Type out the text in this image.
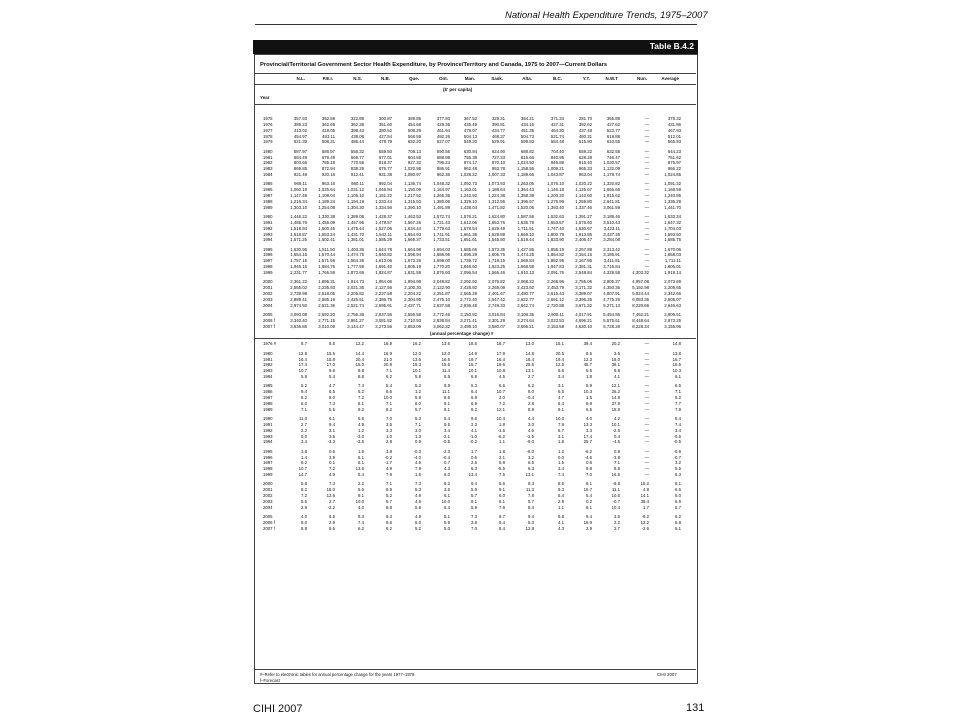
National Health Expenditure Trends, 1975–2007
Table B.4.2
Provincial/Territorial Government Sector Health Expenditure, by Province/Territory and Canada, 1975 to 2007—Current Dollars
N.L.	P.E.I.	N.S.	N.B.	Que.	Ont.	Man.	Sask.	Alta.	B.C.	Y.T.	N.W.T	Nun.	Average
($' per capita)
Year
1975	357.93	352.59	322.89	300.87	389.85	377.93	367.52	329.31	384.21	371.34	281.70	355.89	—	376.32
1976	389.23	362.69	362.38	351.60	454.68	429.35	435.49	390.81	434.15	427.31	392.62	427.62	—	431.86
1977	413.02	418.05	398.43	380.52	508.29	461.94	479.07	434.77	451.35	464.30	437.48	523.77	—	467.93
1978	454.97	463.11	438.08	427.54	568.59	492.26	504.13	468.37	504.73	521.74	480.31	619.88	—	512.01
1979	521.39	508.31	486.44	478.79	632.20	527.07	549.20	529.91	599.83	584.48	515.80	610.55	—	565.93
1980	587.97	586.97	556.32	559.50	708.13	590.56	630.94	624.90	688.82	704.40	559.22	632.58	—	644.23
1981	684.49	679.49	669.77	677.01	804.58	688.98	755.38	727.33	815.66	840.95	628.28	746.47	—	751.62
1982	803.66	785.18	770.56	818.37	927.32	796.24	874.17	870.10	1,024.50	946.88	915.40	1,030.57	—	875.97
1983	869.85	872.94	838.29	876.77	1,020.98	886.91	962.48	953.78	1,158.55	1,009.21	965.33	1,132.09	—	966.22
1984	921.49	920.16	912.41	931.38	1,080.97	962.36	1,028.22	1,007.33	1,189.66	1,043.87	963.04	1,178.74	—	1,024.85
1985	969.11	963.16	980.11	992.04	1,136.74	1,048.32	1,092.73	1,073.93	1,263.05	1,076.10	1,020.22	1,320.82	—	1,091.32
1986	1,060.19	1,025.64	1,031.12	1,046.94	1,150.09	1,164.97	1,163.01	1,188.64	1,364.43	1,146.18	1,125.67	1,666.65	—	1,168.59
1987	1,147.48	1,108.04	1,105.10	1,151.22	1,217.52	1,265.35	1,242.92	1,224.38	1,358.38	1,200.20	1,142.60	1,915.62	—	1,240.86
1988	1,216.34	1,189.24	1,194.19	1,233.44	1,315.53	1,380.06	1,329.10	1,312.55	1,396.57	1,276.99	1,259.80	2,641.81	—	1,336.29
1989	1,303.10	1,254.08	1,304.30	1,334.56	1,390.10	1,491.89	1,438.04	1,471.82	1,520.06	1,393.40	1,337.46	3,061.59	—	1,441.70
1990	1,446.22	1,330.38	1,389.08	1,428.37	1,463.53	1,572.74	1,576.21	1,624.80	1,587.56	1,532.63	1,391.27	3,189.46	—	1,533.34
1991	1,485.76	1,455.09	1,457.95	1,478.57	1,567.26	1,721.43	1,612.06	1,653.76	1,635.78	1,653.57	1,576.60	3,510.43	—	1,647.32
1992	1,518.94	1,500.45	1,475.44	1,527.06	1,634.44	1,779.63	1,678.54	1,629.49	1,711.51	1,747.40	1,630.67	3,423.11	—	1,704.03
1993	1,518.87	1,553.24	1,431.70	1,542.11	1,654.93	1,741.91	1,661.38	1,528.88	1,669.10	1,800.79	1,913.85	3,437.35	—	1,693.50
1994	1,571.25	1,502.41	1,381.01	1,585.29	1,669.37	1,733.51	1,651.61	1,545.80	1,519.44	1,833.90	2,406.47	3,284.08	—	1,685.76
1995	1,630.96	1,511.50	1,403.36	1,644.78	1,664.98	1,694.03	1,685.66	1,573.35	1,427.86	1,855.19	2,257.88	3,313.42	—	1,670.06
1996	1,654.16	1,570.44	1,474.75	1,640.82	1,598.94	1,686.95	1,695.29	1,605.75	1,474.25	1,854.82	2,154.16	3,185.91	—	1,658.03
1997	1,757.15	1,571.56	1,564.36	1,613.06	1,673.26	1,698.00	1,739.72	1,718.15	1,569.84	1,882.96	2,167.86	3,411.81	—	1,711.11
1998	1,945.16	1,684.76	1,777.59	1,691.40	1,805.19	1,770.20	1,848.60	1,623.25	1,668.58	1,947.83	2,381.31	3,716.84	—	1,805.01
1999	2,231.77	1,766.59	1,873.69	1,824.87	1,831.58	1,876.60	2,096.54	1,566.46	1,910.13	2,091.76	2,548.84	4,329.58	4,303.32	1,919.14
2000	2,361.22	1,895.31	1,914.73	1,954.06	1,994.98	2,048.82	2,292.92	2,076.82	2,068.22	2,268.96	2,755.06	3,905.37	4,957.08	2,073.69
2001	2,555.02	2,235.93	2,021.35	2,127.56	2,100.30	2,122.90	2,428.92	2,269.09	2,423.92	2,453.79	3,171.32	4,350.36	5,192.98	2,209.65
2002	2,739.98	2,518.05	2,205.82	2,237.58	2,204.22	2,251.87	2,565.29	2,401.67	2,480.77	2,615.43	3,389.07	4,807.91	5,924.44	2,342.66
2003	2,889.41	2,585.19	2,425.51	2,386.75	2,304.95	2,476.10	2,772.40	2,547.42	2,622.77	2,691.12	3,396.25	4,775.26	6,083.36	2,505.07
2004	2,974.50	2,521.36	2,521.74	2,595.91	2,437.71	2,637.58	2,936.48	2,749.33	2,842.74	2,720.88	3,671.32	5,271.13	8,220.66	2,646.63
2005	3,093.08	2,692.20	2,756.38	2,837.56	2,556.58	2,772.46	3,150.92	3,016.84	3,108.35	2,905.11	4,017.91	5,454.86	7,462.21	2,809.51
2006 f	3,340.40	2,771.15	2,961.27	3,081.82	2,710.93	2,938.84	3,271.41	3,301.29	3,274.64	3,023.53	4,696.21	5,575.61	8,448.64	2,973.25
2007 f	3,636.86	3,010.09	3,144.47	3,273.56	2,853.09	3,062.32	3,499.10	3,580.07	3,695.21	3,153.58	4,630.10	5,728.28	8,228.34	3,155.96
(annual percentage change) #
1976 #	8.7	8.5	12.2	16.9	16.2	13.6	18.5	18.7	13.0	15.1	39.4	20.2	—	14.8
1980	12.8	15.5	14.4	16.9	12.0	12.0	14.9	17.9	14.8	20.5	8.5	3.6	—	13.8
1981	16.4	15.8	20.4	21.0	13.6	16.6	19.7	16.4	18.4	19.4	12.3	18.0	—	16.7
1982	17.4	17.0	15.0	20.9	15.3	15.6	15.7	19.6	25.6	12.6	45.7	38.1	—	16.5
1983	10.7	9.8	8.8	7.1	10.1	11.4	10.1	10.8	13.1	6.6	5.5	9.8	—	10.3
1984	5.9	5.4	8.8	6.2	5.8	8.5	6.8	4.5	2.7	3.4	1.8	4.1	—	6.1
1985	5.2	4.7	7.4	5.4	5.2	8.9	6.3	6.6	6.2	3.1	5.9	12.1	—	6.5
1986	9.4	6.5	5.2	6.6	1.2	11.1	6.4	10.7	8.0	6.5	10.3	26.2	—	7.1
1987	8.2	8.0	7.2	10.0	5.9	8.6	6.9	3.0	-0.4	4.7	1.5	14.9	—	6.2
1988	6.0	7.3	8.1	7.1	8.0	9.1	6.9	7.2	2.8	6.4	9.9	37.9	—	7.7
1989	7.1	5.5	9.2	8.2	5.7	8.1	8.2	12.1	8.8	9.1	6.5	15.9	—	7.9
1990	11.0	6.1	6.5	7.0	5.3	5.4	9.6	10.4	4.4	10.0	4.0	4.2	—	6.4
1991	2.7	9.4	4.9	3.5	7.1	9.5	2.3	1.8	3.0	7.9	13.3	10.1	—	7.4
1992	2.2	3.1	1.2	3.3	3.0	3.4	4.1	-1.5	4.6	5.7	3.3	-2.5	—	3.4
1993	0.0	3.5	-3.0	1.0	1.3	-2.1	-1.0	-6.2	-2.5	3.1	17.4	0.4	—	-0.6
1994	3.4	-3.3	-3.5	2.8	0.9	-0.5	-0.2	1.1	-9.0	1.8	25.7	-4.5	—	-0.5
1995	3.8	0.6	1.6	3.8	-0.3	-2.3	1.7	1.8	-6.0	1.2	-6.2	0.9	—	-0.9
1996	1.4	3.9	5.1	-0.2	-4.0	-0.4	0.6	2.1	3.2	0.0	-4.6	-3.8	—	-0.7
1997	6.2	0.1	6.1	-1.7	4.6	0.7	2.6	6.9	6.5	1.5	0.6	7.1	—	3.2
1998	10.7	7.2	13.6	4.9	7.9	4.3	6.3	-5.5	6.3	3.4	9.8	8.9	—	5.5
1999	14.7	4.9	5.4	7.9	1.5	6.0	13.4	7.5	13.1	7.4	7.0	16.5	—	6.3
2000	5.8	7.3	2.2	7.1	7.3	9.2	9.4	5.6	8.3	8.5	8.1	-9.8	15.2	8.1
2001	8.2	18.0	5.6	8.9	5.3	3.6	5.9	9.1	11.3	9.3	16.7	11.1	4.8	6.6
2002	7.2	12.6	9.1	5.2	4.9	6.1	5.7	6.0	7.8	5.4	5.4	10.6	14.1	6.0
2003	5.5	2.7	10.0	6.7	4.6	10.0	8.1	6.1	5.7	2.9	0.2	-0.7	35.4	6.9
2004	2.9	-2.2	4.0	8.8	5.8	6.4	5.9	7.9	8.4	1.1	8.1	10.4	1.7	5.7
2005	4.0	6.5	9.3	9.3	4.9	5.1	7.3	9.7	9.4	6.8	9.4	3.5	-9.2	6.2
2006 f	8.0	2.9	7.4	8.6	6.0	5.9	3.8	9.4	5.3	4.1	16.9	2.2	13.2	5.8
2007 f	8.9	8.6	6.2	6.2	5.2	5.0	7.0	8.4	12.8	4.3	2.9	2.7	-2.6	6.1
#–Refer to electronic tables for annual percentage change for the years 1977–1979.
f–Forecast
CIHI 2007
CIHI 2007	131
